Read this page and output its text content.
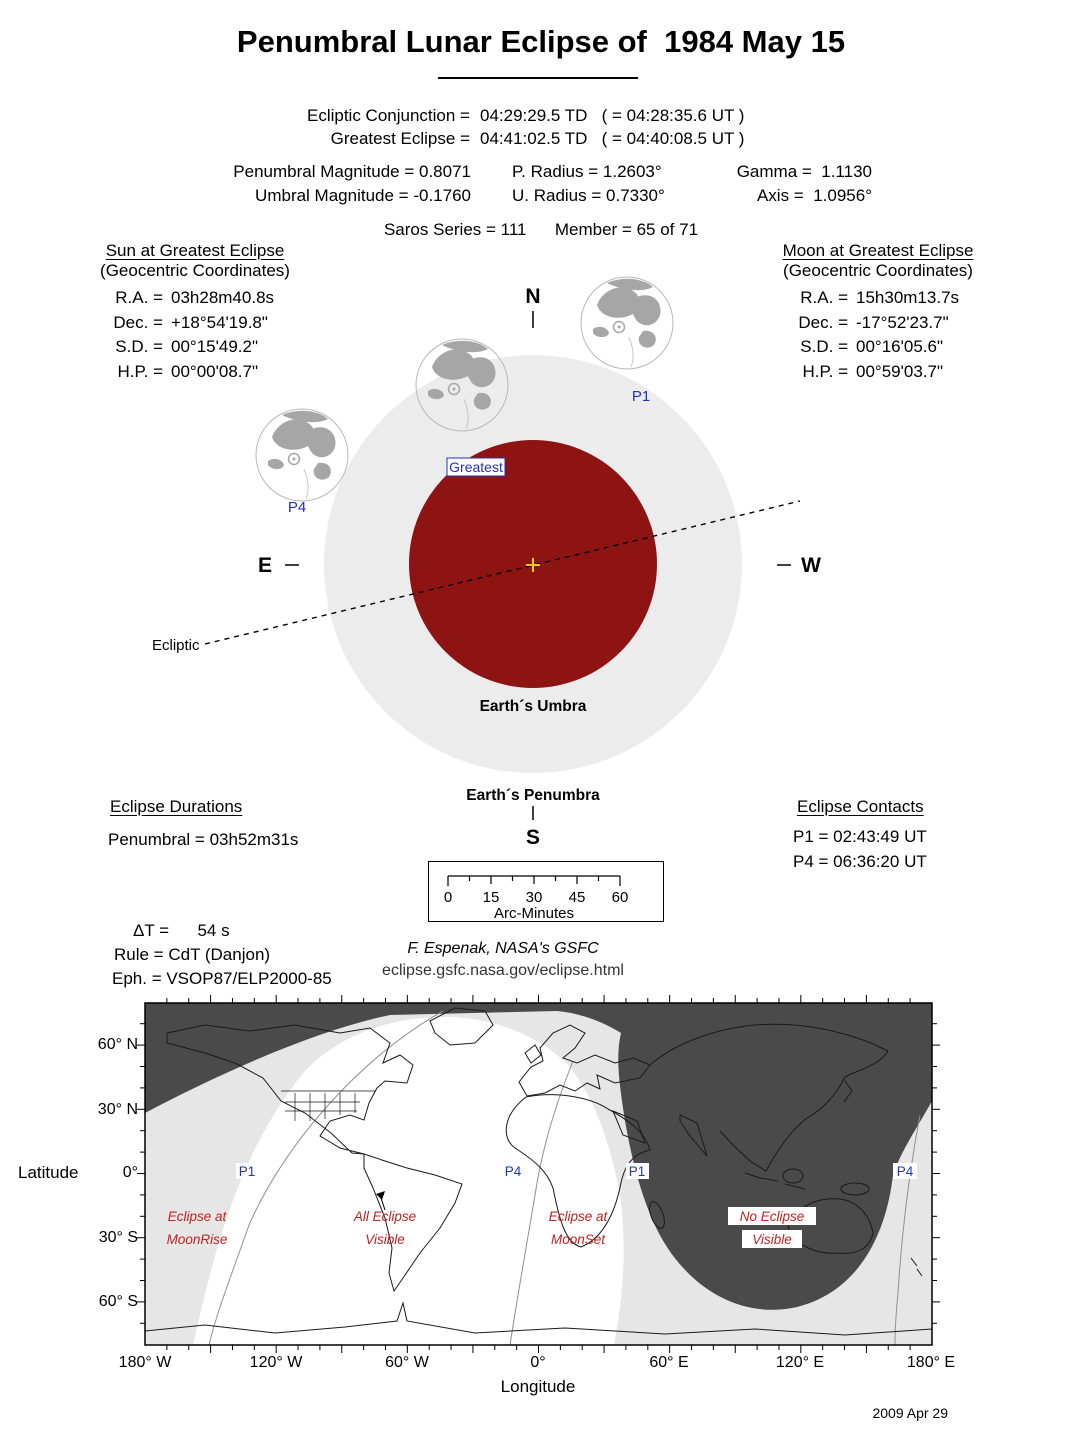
Penumbral Lunar Eclipse of  1984 May 15
Ecliptic Conjunction = 04:29:29.5 TD   ( = 04:28:35.6 UT )
Greatest Eclipse = 04:41:02.5 TD   ( = 04:40:08.5 UT )
Penumbral Magnitude = 0.8071
Umbral Magnitude = -0.1760
P. Radius = 1.2603°
U. Radius = 0.7330°
Gamma =  1.1130
Axis =  1.0956°
Saros Series = 111 Member = 65 of 71
Sun at Greatest Eclipse
(Geocentric Coordinates)
R.A. = 03h28m40.8s
Dec. = +18°54'19.8"
S.D. = 00°15'49.2"
H.P. = 00°00'08.7"
Moon at Greatest Eclipse
(Geocentric Coordinates)
R.A. = 15h30m13.7s
Dec. = -17°52'23.7"
S.D. = 00°16'05.6"
H.P. = 00°59'03.7"
Greatest
P1
P4
N
E	W
Ecliptic
Earth´s Umbra
Earth´s Penumbra
S
Eclipse Durations
Penumbral = 03h52m31s
Eclipse Contacts
P1 = 02:43:49 UT
P4 = 06:36:20 UT
0 15 30 45 60
Arc-Minutes
ΔT = 54 s
Rule = CdT (Danjon)
Eph. = VSOP87/ELP2000-85
F. Espenak, NASA's GSFC
eclipse.gsfc.nasa.gov/eclipse.html
P1	P4	P1	P4
Eclipse at
MoonRise
All Eclipse
Visible
Eclipse at
MoonSet
No Eclipse
Visible
60° N
30° N
0°
30° S
60° S
Latitude
180° W	120° W	60° W	0°	60° E	120° E	180° E
Longitude
2009 Apr 29
